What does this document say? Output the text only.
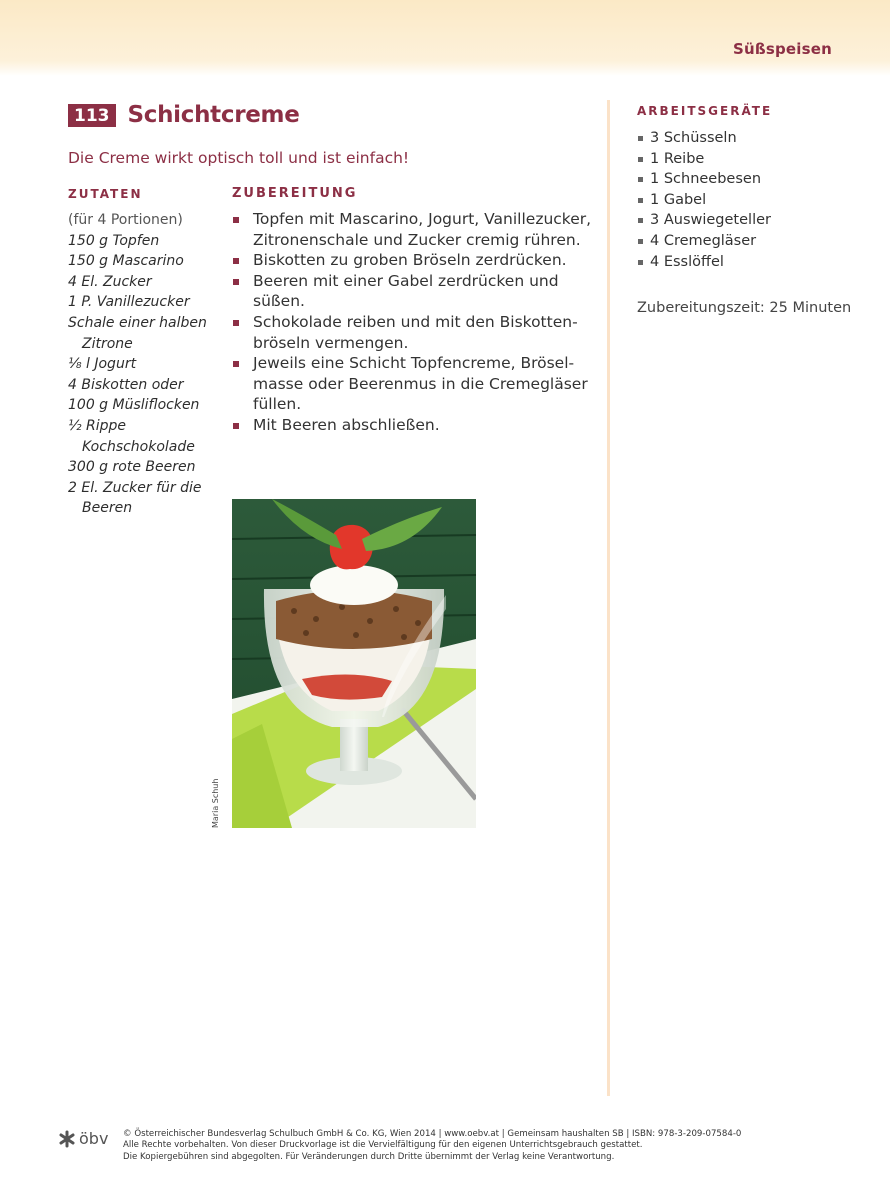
Süßspeisen
113 Schichtcreme
Die Creme wirkt optisch toll und ist einfach!
ZUTATEN
(für 4 Portionen)
150 g Topfen
150 g Mascarino
4 El. Zucker
1 P. Vanillezucker
Schale einer halben Zitrone
⅛ l Jogurt
4 Biskotten oder
100 g Müsliflocken
½ Rippe Kochschokolade
300 g rote Beeren
2 El. Zucker für die Beeren
ZUBEREITUNG
Topfen mit Mascarino, Jogurt, Vanillezucker, Zitronenschale und Zucker cremig rühren.
Biskotten zu groben Bröseln zerdrücken.
Beeren mit einer Gabel zerdrücken und süßen.
Schokolade reiben und mit den Biskottenbröseln vermengen.
Jeweils eine Schicht Topfencreme, Bröselmasse oder Beerenmus in die Cremegläser füllen.
Mit Beeren abschließen.
Maria Schuh
ARBEITSGERÄTE
3 Schüsseln
1 Reibe
1 Schneebesen
1 Gabel
3 Auswiegeteller
4 Cremegläser
4 Esslöffel
Zubereitungszeit: 25 Minuten
öbv © Österreichischer Bundesverlag Schulbuch GmbH & Co. KG, Wien 2014 | www.oebv.at | Gemeinsam haushalten SB | ISBN: 978-3-209-07584-0
Alle Rechte vorbehalten. Von dieser Druckvorlage ist die Vervielfältigung für den eigenen Unterrichtsgebrauch gestattet.
Die Kopiergebühren sind abgegolten. Für Veränderungen durch Dritte übernimmt der Verlag keine Verantwortung.
